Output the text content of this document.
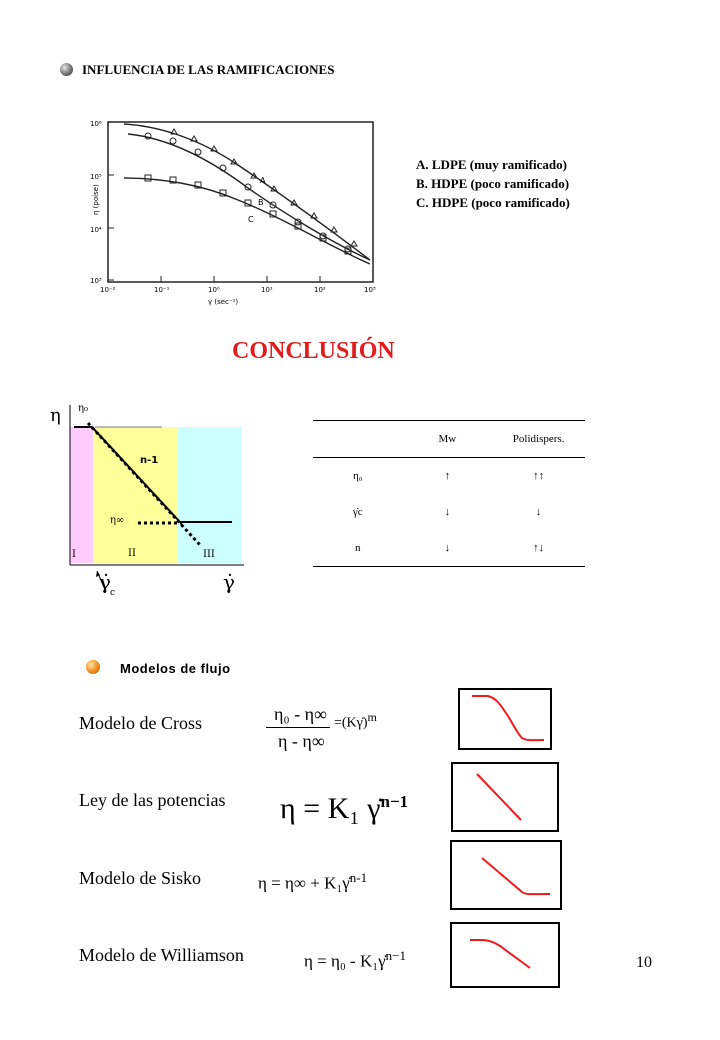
INFLUENCIA DE LAS RAMIFICACIONES
10⁶
10⁵
10⁴
10³
10⁻²	10⁻¹	10⁰	10¹	10²	10³
η (poise)
γ̇ (sec⁻¹)
A
B
C
A. LDPE (muy ramificado)
B. HDPE (poco ramificado)
C. HDPE (poco ramificado)
CONCLUSIÓN
η η₀
n-1
η∞
I	II	III
γ̇ c	γ̇
	Mw	Polidispers.
η₀	↑	↑↑
γ̇c	↓	↓
n	↓	↑↓
Modelos de flujo
Modelo de Cross	η₀ - η∞
η - η∞
=(Kγ̇)$^m$
Ley de las potencias η = K₁ γ̇$^{n-1}$
Modelo de Sisko	η = η∞ + K₁γ̇$^{n-1}$
Modelo de Williamson	η = η₀ - K₁γ̇$^{n-1}$	10
